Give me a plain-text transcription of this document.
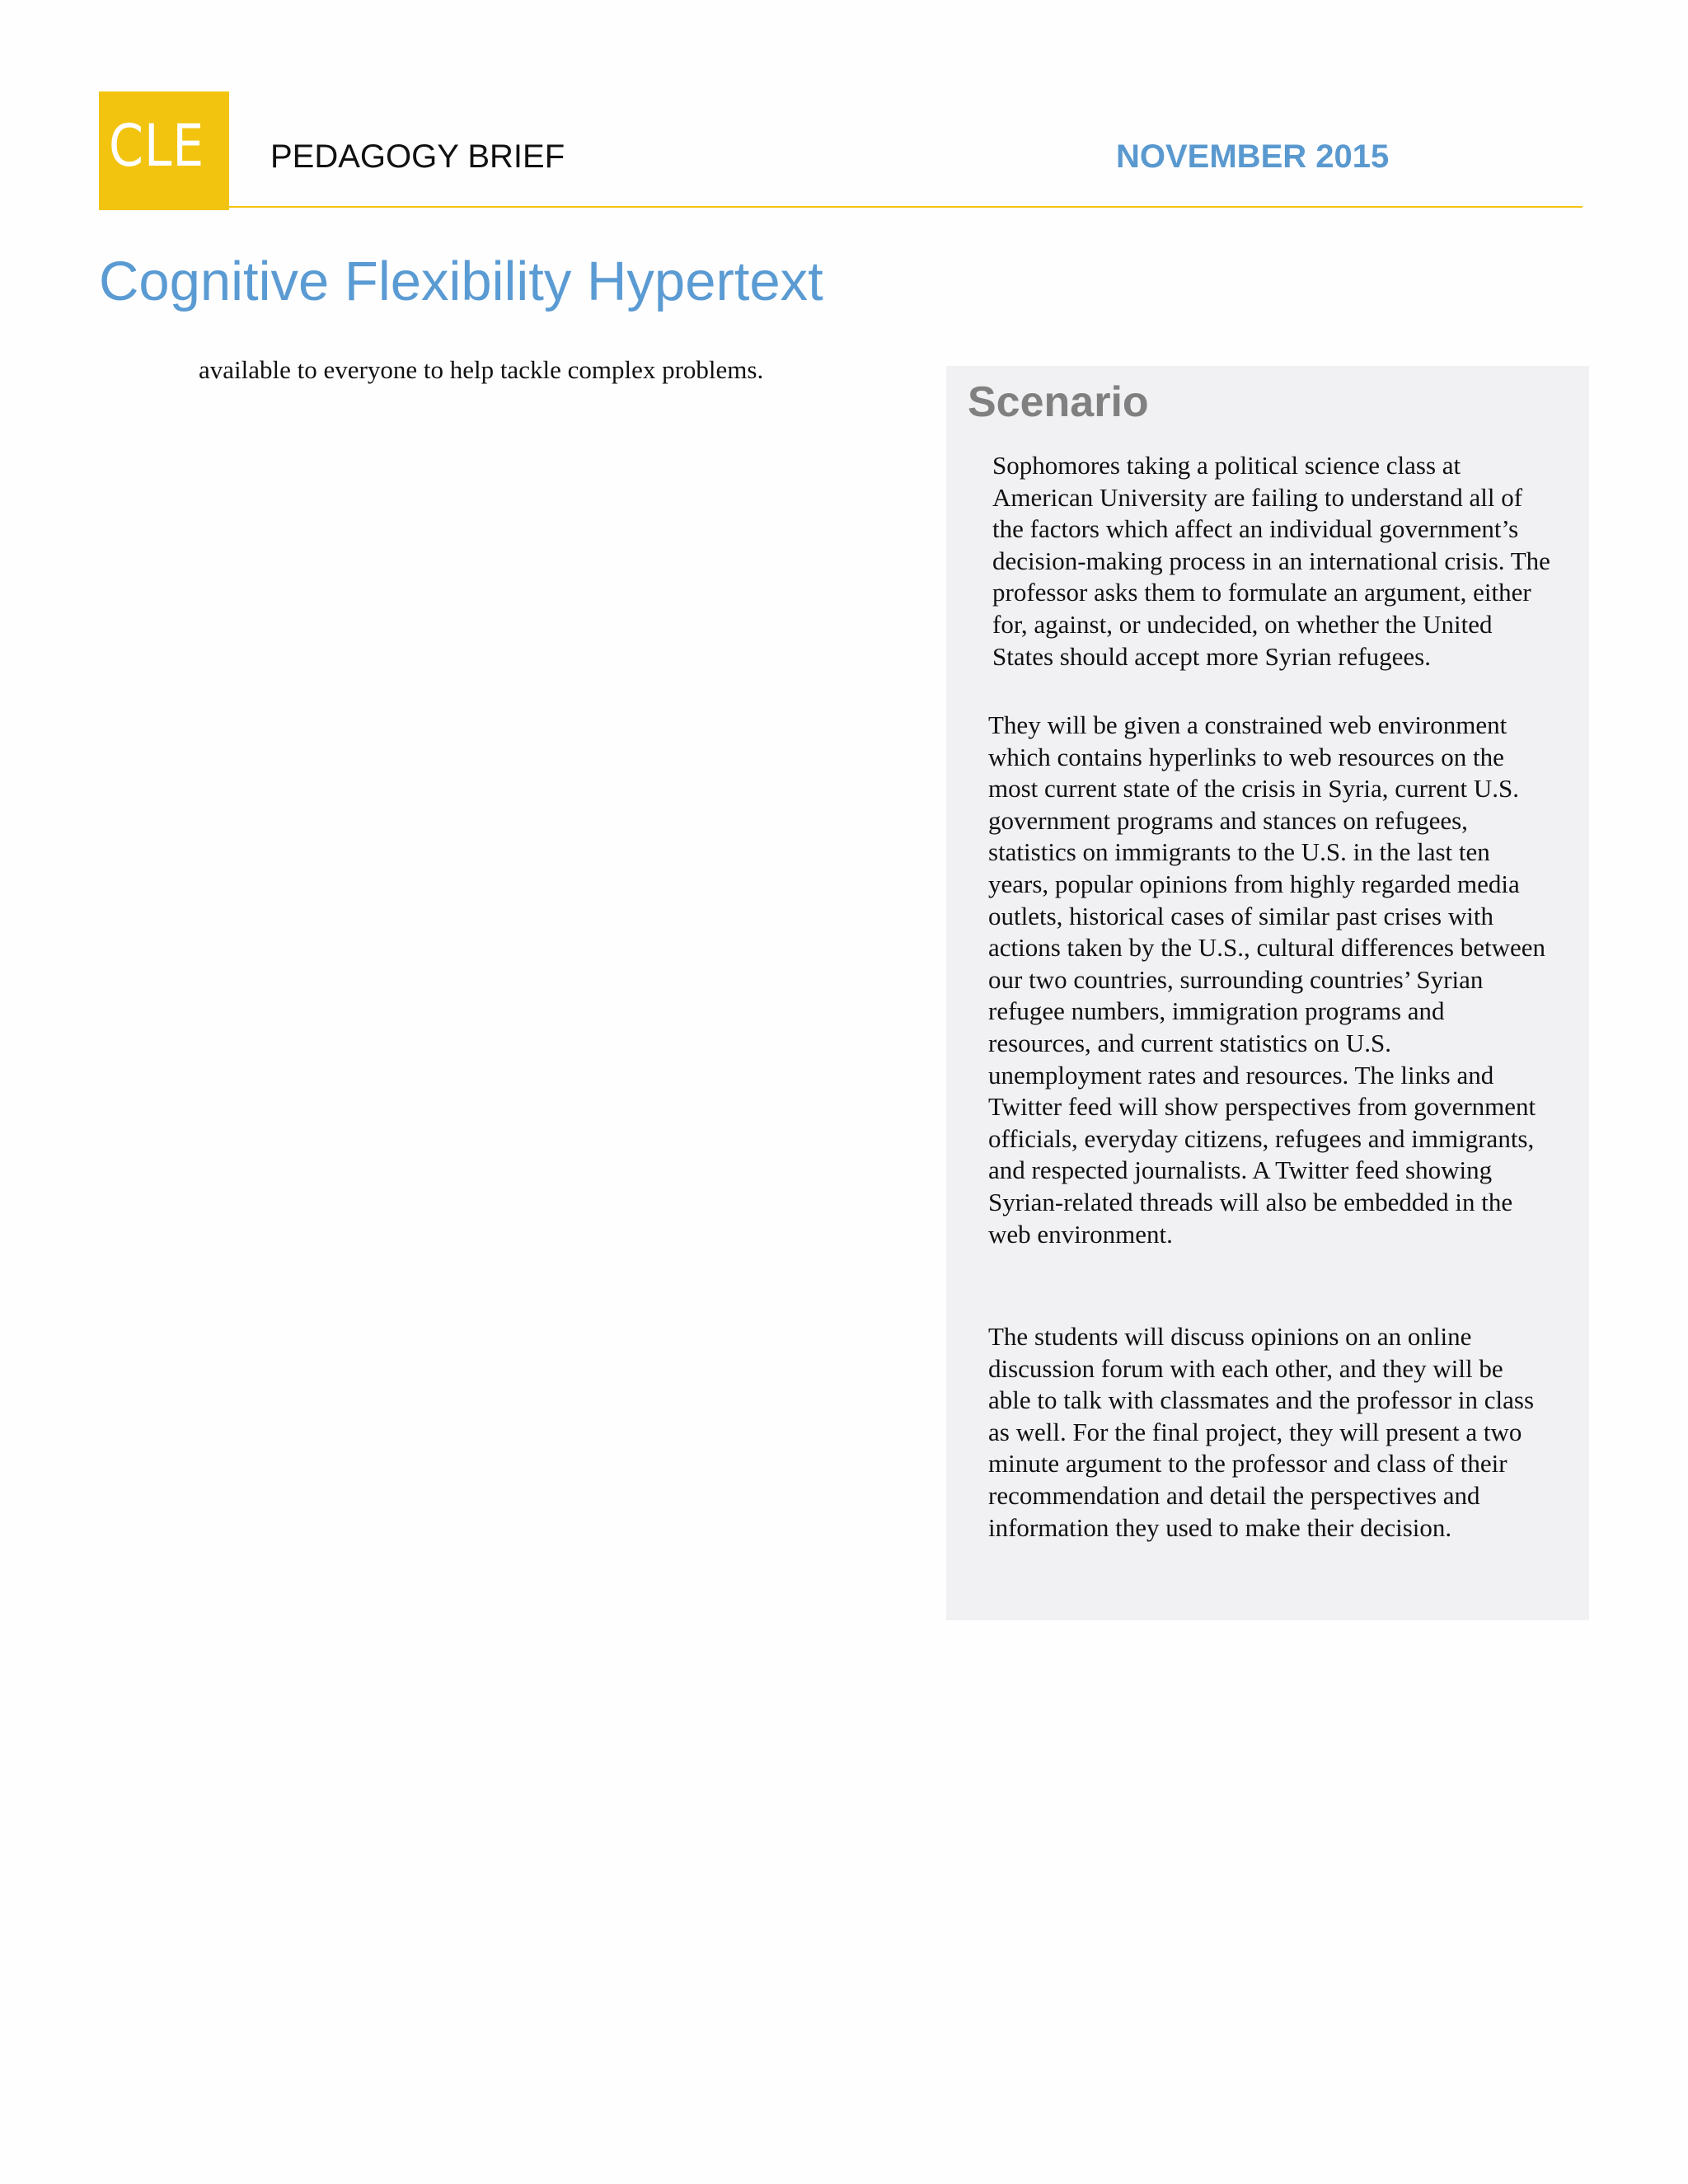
CLE PEDAGOGY BRIEF	NOVEMBER 2015
Cognitive Flexibility Hypertext

available to everyone to help tackle complex problems.

Scenario

Sophomores taking a political science class at American University are failing to understand all of the factors which affect an individual government’s decision-making process in an international crisis. The professor asks them to formulate an argument, either for, against, or undecided, on whether the United States should accept more Syrian refugees.

They will be given a constrained web environment which contains hyperlinks to web resources on the most current state of the crisis in Syria, current U.S. government programs and stances on refugees, statistics on immigrants to the U.S. in the last ten years, popular opinions from highly regarded media outlets, historical cases of similar past crises with actions taken by the U.S., cultural differences between our two countries, surrounding countries’ Syrian refugee numbers, immigration programs and resources, and current statistics on U.S. unemployment rates and resources. The links and Twitter feed will show perspectives from government officials, everyday citizens, refugees and immigrants, and respected journalists. A Twitter feed showing Syrian-related threads will also be embedded in the web environment.

The students will discuss opinions on an online discussion forum with each other, and they will be able to talk with classmates and the professor in class as well. For the final project, they will present a two minute argument to the professor and class of their recommendation and detail the perspectives and information they used to make their decision.
